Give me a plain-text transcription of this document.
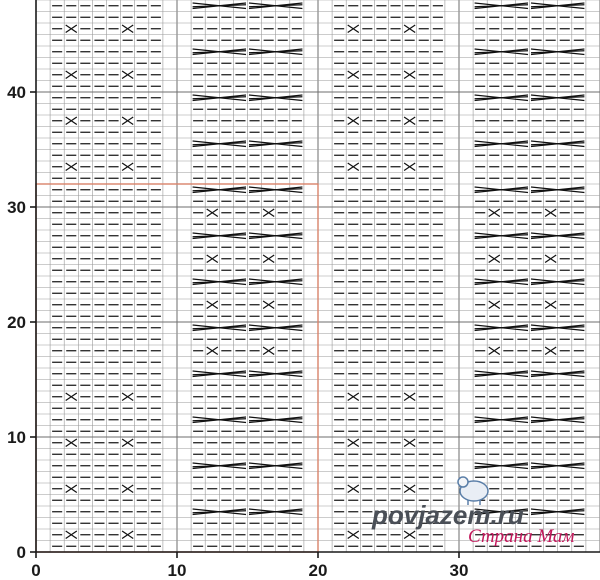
0	10	20	30
0
10
20
30
40
povjazem.ru
Страна Мам
